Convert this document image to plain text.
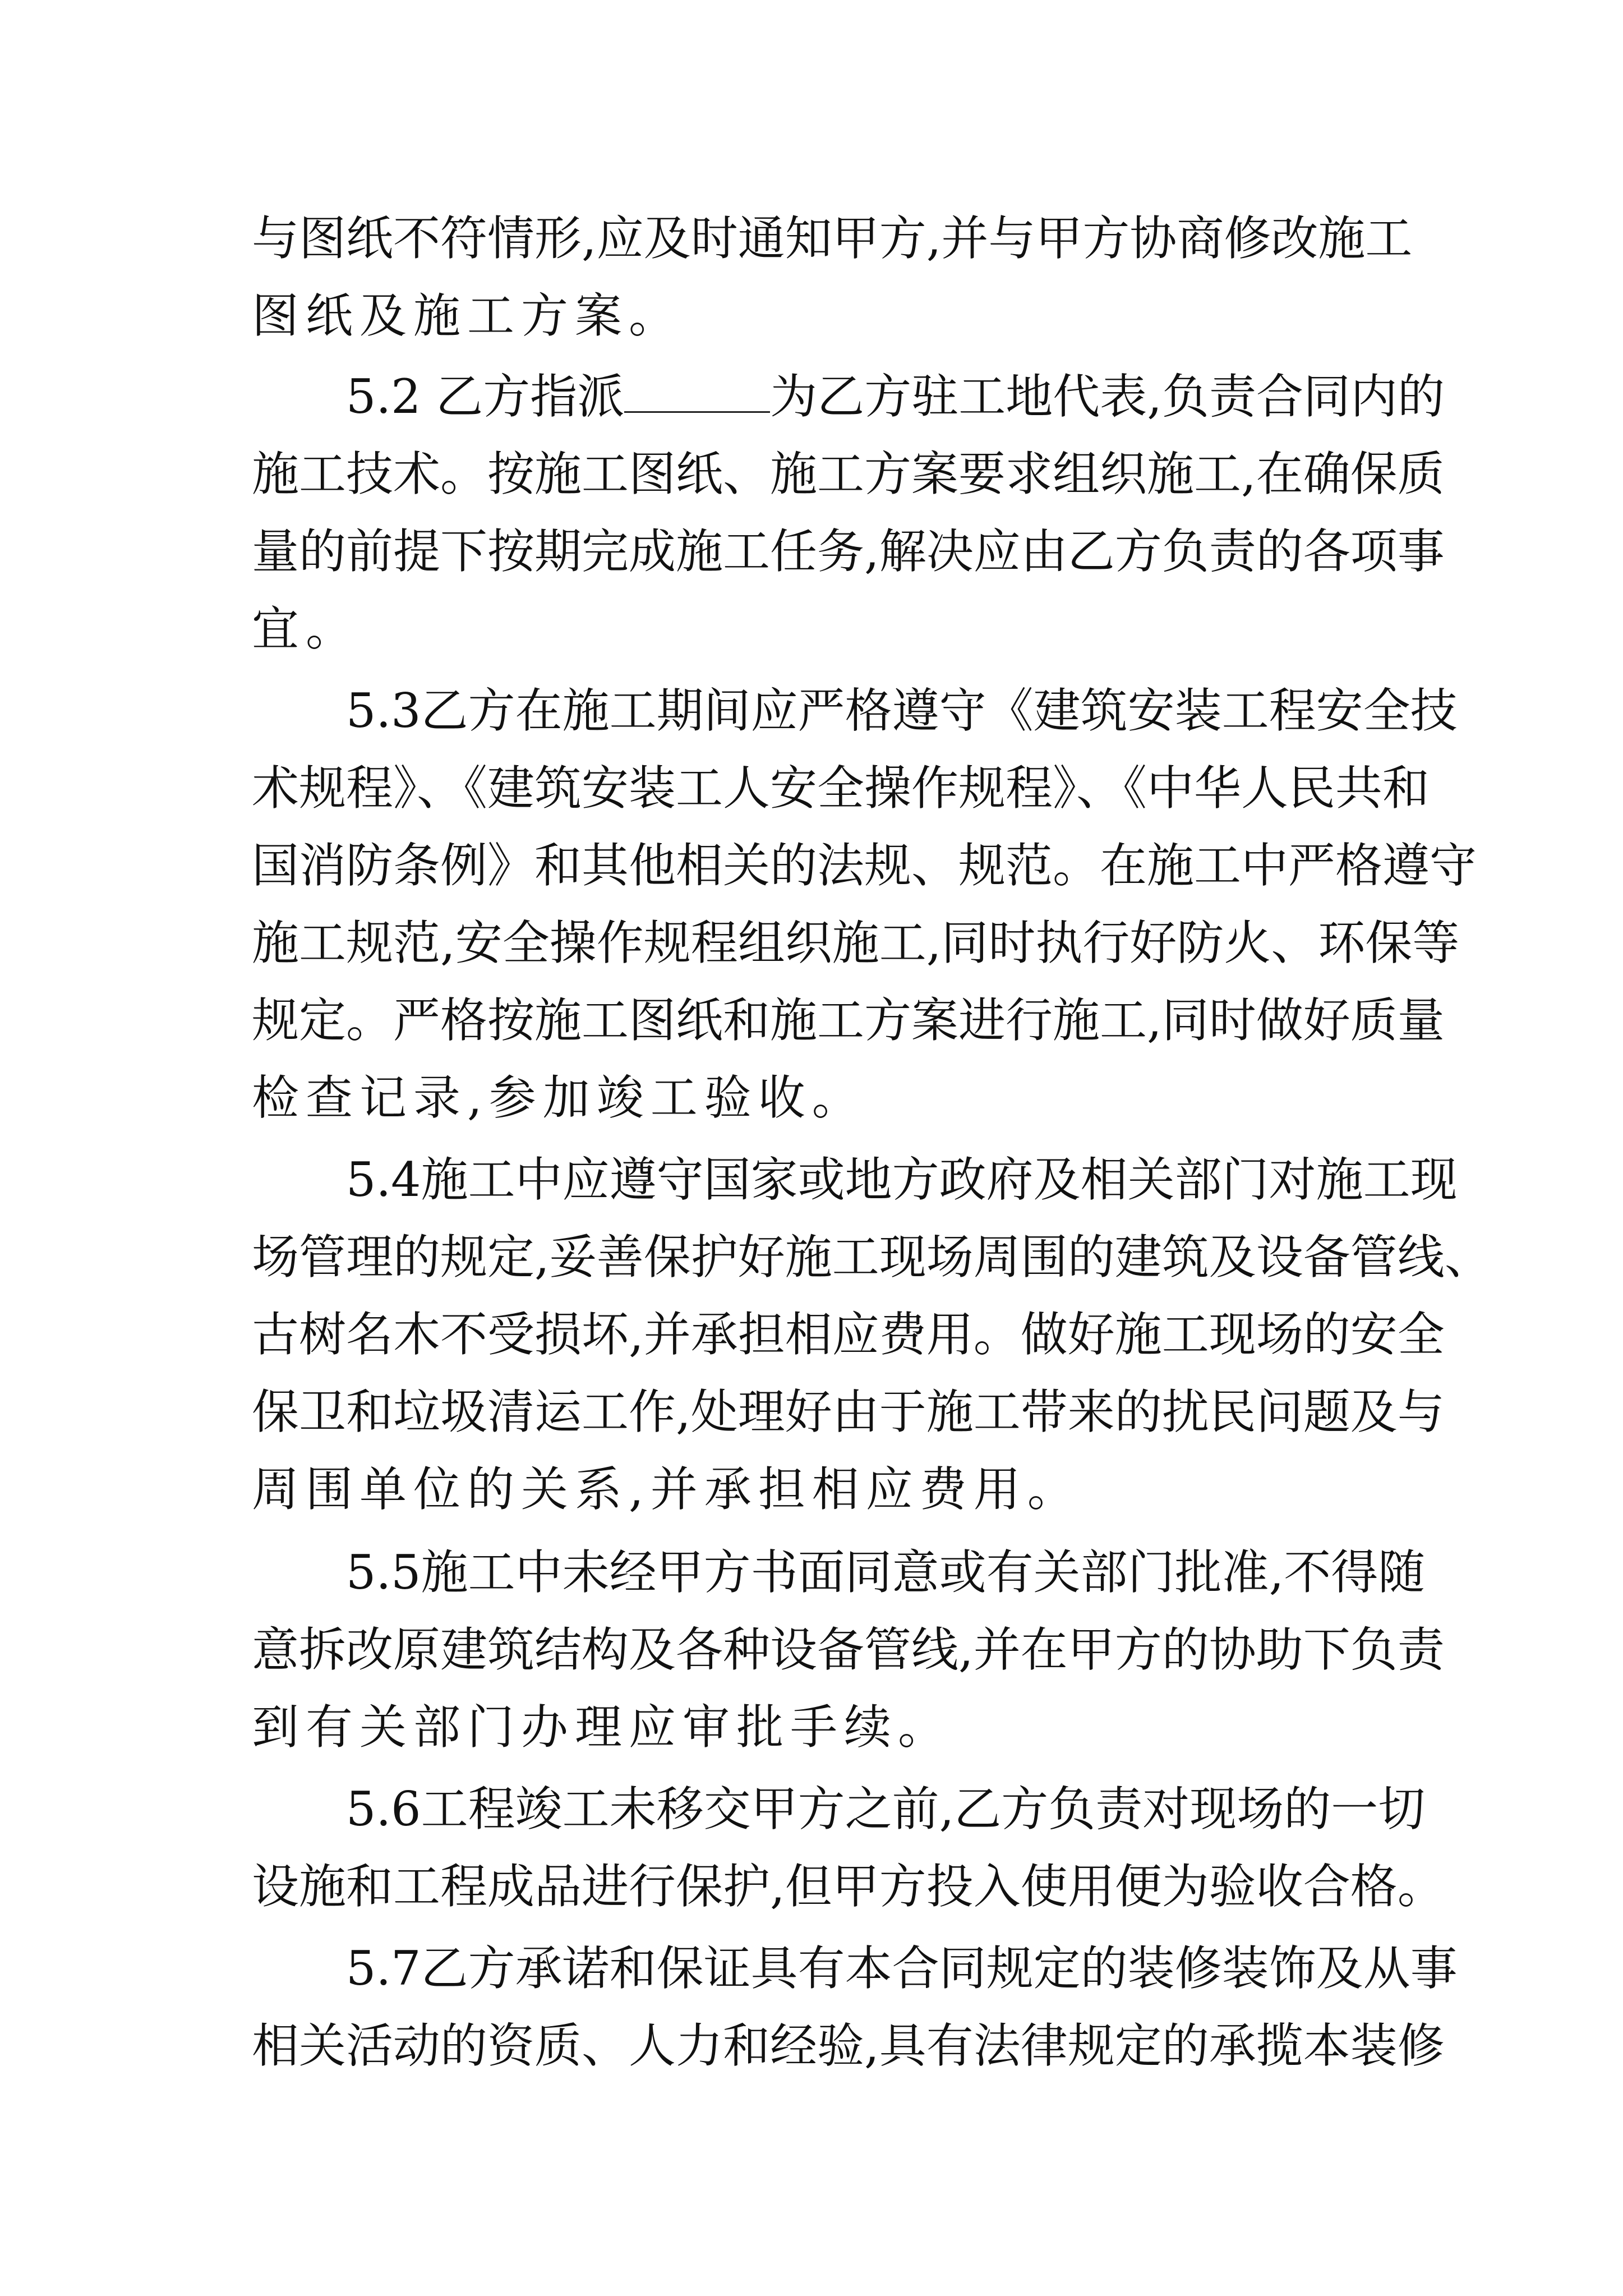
与图纸不符情形,应及时通知甲方,并与甲方协商修改施工
图纸及施工方案。
5.2 乙方指派	为乙方驻工地代表,负责合同内的
施工技术。按施工图纸、施工方案要求组织施工,在确保质
量的前提下按期完成施工任务,解决应由乙方负责的各项事
宜。
5.3乙方在施工期间应严格遵守《建筑安装工程安全技
术规程》、《建筑安装工人安全操作规程》、《中华人民共和
国消防条例》和其他相关的法规、规范。在施工中严格遵守
施工规范,安全操作规程组织施工,同时执行好防火、环保等
规定。严格按施工图纸和施工方案进行施工,同时做好质量
检查记录,参加竣工验收。
5.4施工中应遵守国家或地方政府及相关部门对施工现
场管理的规定,妥善保护好施工现场周围的建筑及设备管线、
古树名木不受损坏,并承担相应费用。做好施工现场的安全
保卫和垃圾清运工作,处理好由于施工带来的扰民问题及与
周围单位的关系,并承担相应费用。
5.5施工中未经甲方书面同意或有关部门批准,不得随
意拆改原建筑结构及各种设备管线,并在甲方的协助下负责
到有关部门办理应审批手续。
5.6工程竣工未移交甲方之前,乙方负责对现场的一切
设施和工程成品进行保护,但甲方投入使用便为验收合格。
5.7乙方承诺和保证具有本合同规定的装修装饰及从事
相关活动的资质、人力和经验,具有法律规定的承揽本装修
